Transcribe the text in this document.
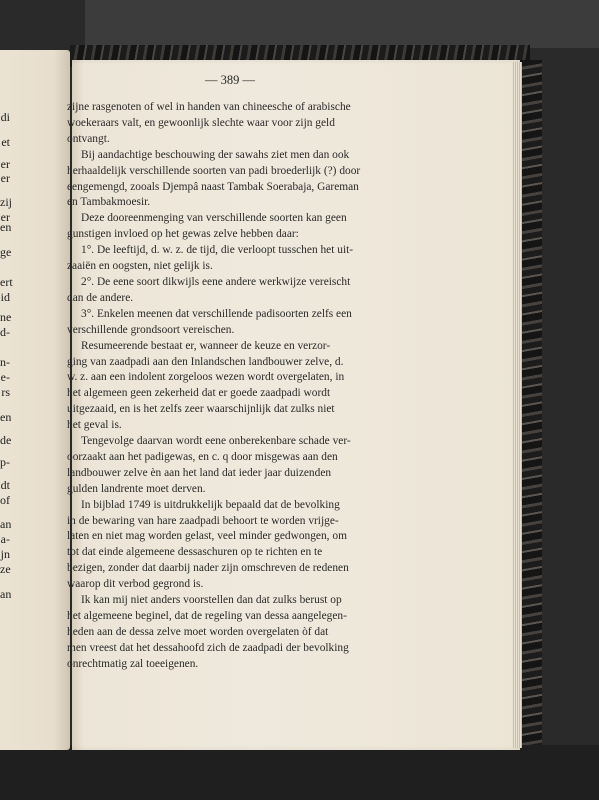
di
et
er
er
zij
er
en
ge
ert
id
ne
d-
n-
e-
rs
en
de
p-
dt
of
an
a-
jn
ze
an
— 389 —

zijne rasgenoten of wel in handen van chineesche of arabische
woekeraars valt, en gewoonlijk slechte waar voor zijn geld
ontvangt.

Bij aandachtige beschouwing der sawahs ziet men dan ook
herhaaldelijk verschillende soorten van padi broederlijk (?) door
eengemengd, zooals Djempâ naast Tambak Soerabaja, Gareman
en Tambakmoesir.

Deze dooreenmenging van verschillende soorten kan geen
gunstigen invloed op het gewas zelve hebben daar:

1°. De leeftijd, d. w. z. de tijd, die verloopt tusschen het uit-
zaaiën en oogsten, niet gelijk is.

2°. De eene soort dikwijls eene andere werkwijze vereischt
dan de andere.

3°. Enkelen meenen dat verschillende padisoorten zelfs een
verschillende grondsoort vereischen.

Resumeerende bestaat er, wanneer de keuze en verzor-
ging van zaadpadi aan den Inlandschen landbouwer zelve, d.
w. z. aan een indolent zorgeloos wezen wordt overgelaten, in
het algemeen geen zekerheid dat er goede zaadpadi wordt
uitgezaaid, en is het zelfs zeer waarschijnlijk dat zulks niet
het geval is.

Tengevolge daarvan wordt eene onberekenbare schade ver-
oorzaakt aan het padigewas, en c. q door misgewas aan den
landbouwer zelve èn aan het land dat ieder jaar duizenden
gulden landrente moet derven.

In bijblad 1749 is uitdrukkelijk bepaald dat de bevolking
in de bewaring van hare zaadpadi behoort te worden vrijge-
laten en niet mag worden gelast, veel minder gedwongen, om
tot dat einde algemeene dessaschuren op te richten en te
bezigen, zonder dat daarbij nader zijn omschreven de redenen
waarop dit verbod gegrond is.

Ik kan mij niet anders voorstellen dan dat zulks berust op
het algemeene beginel, dat de regeling van dessa aangelegen-
heden aan de dessa zelve moet worden overgelaten òf dat
men vreest dat het dessahoofd zich de zaadpadi der bevolking
onrechtmatig zal toeeigenen.
